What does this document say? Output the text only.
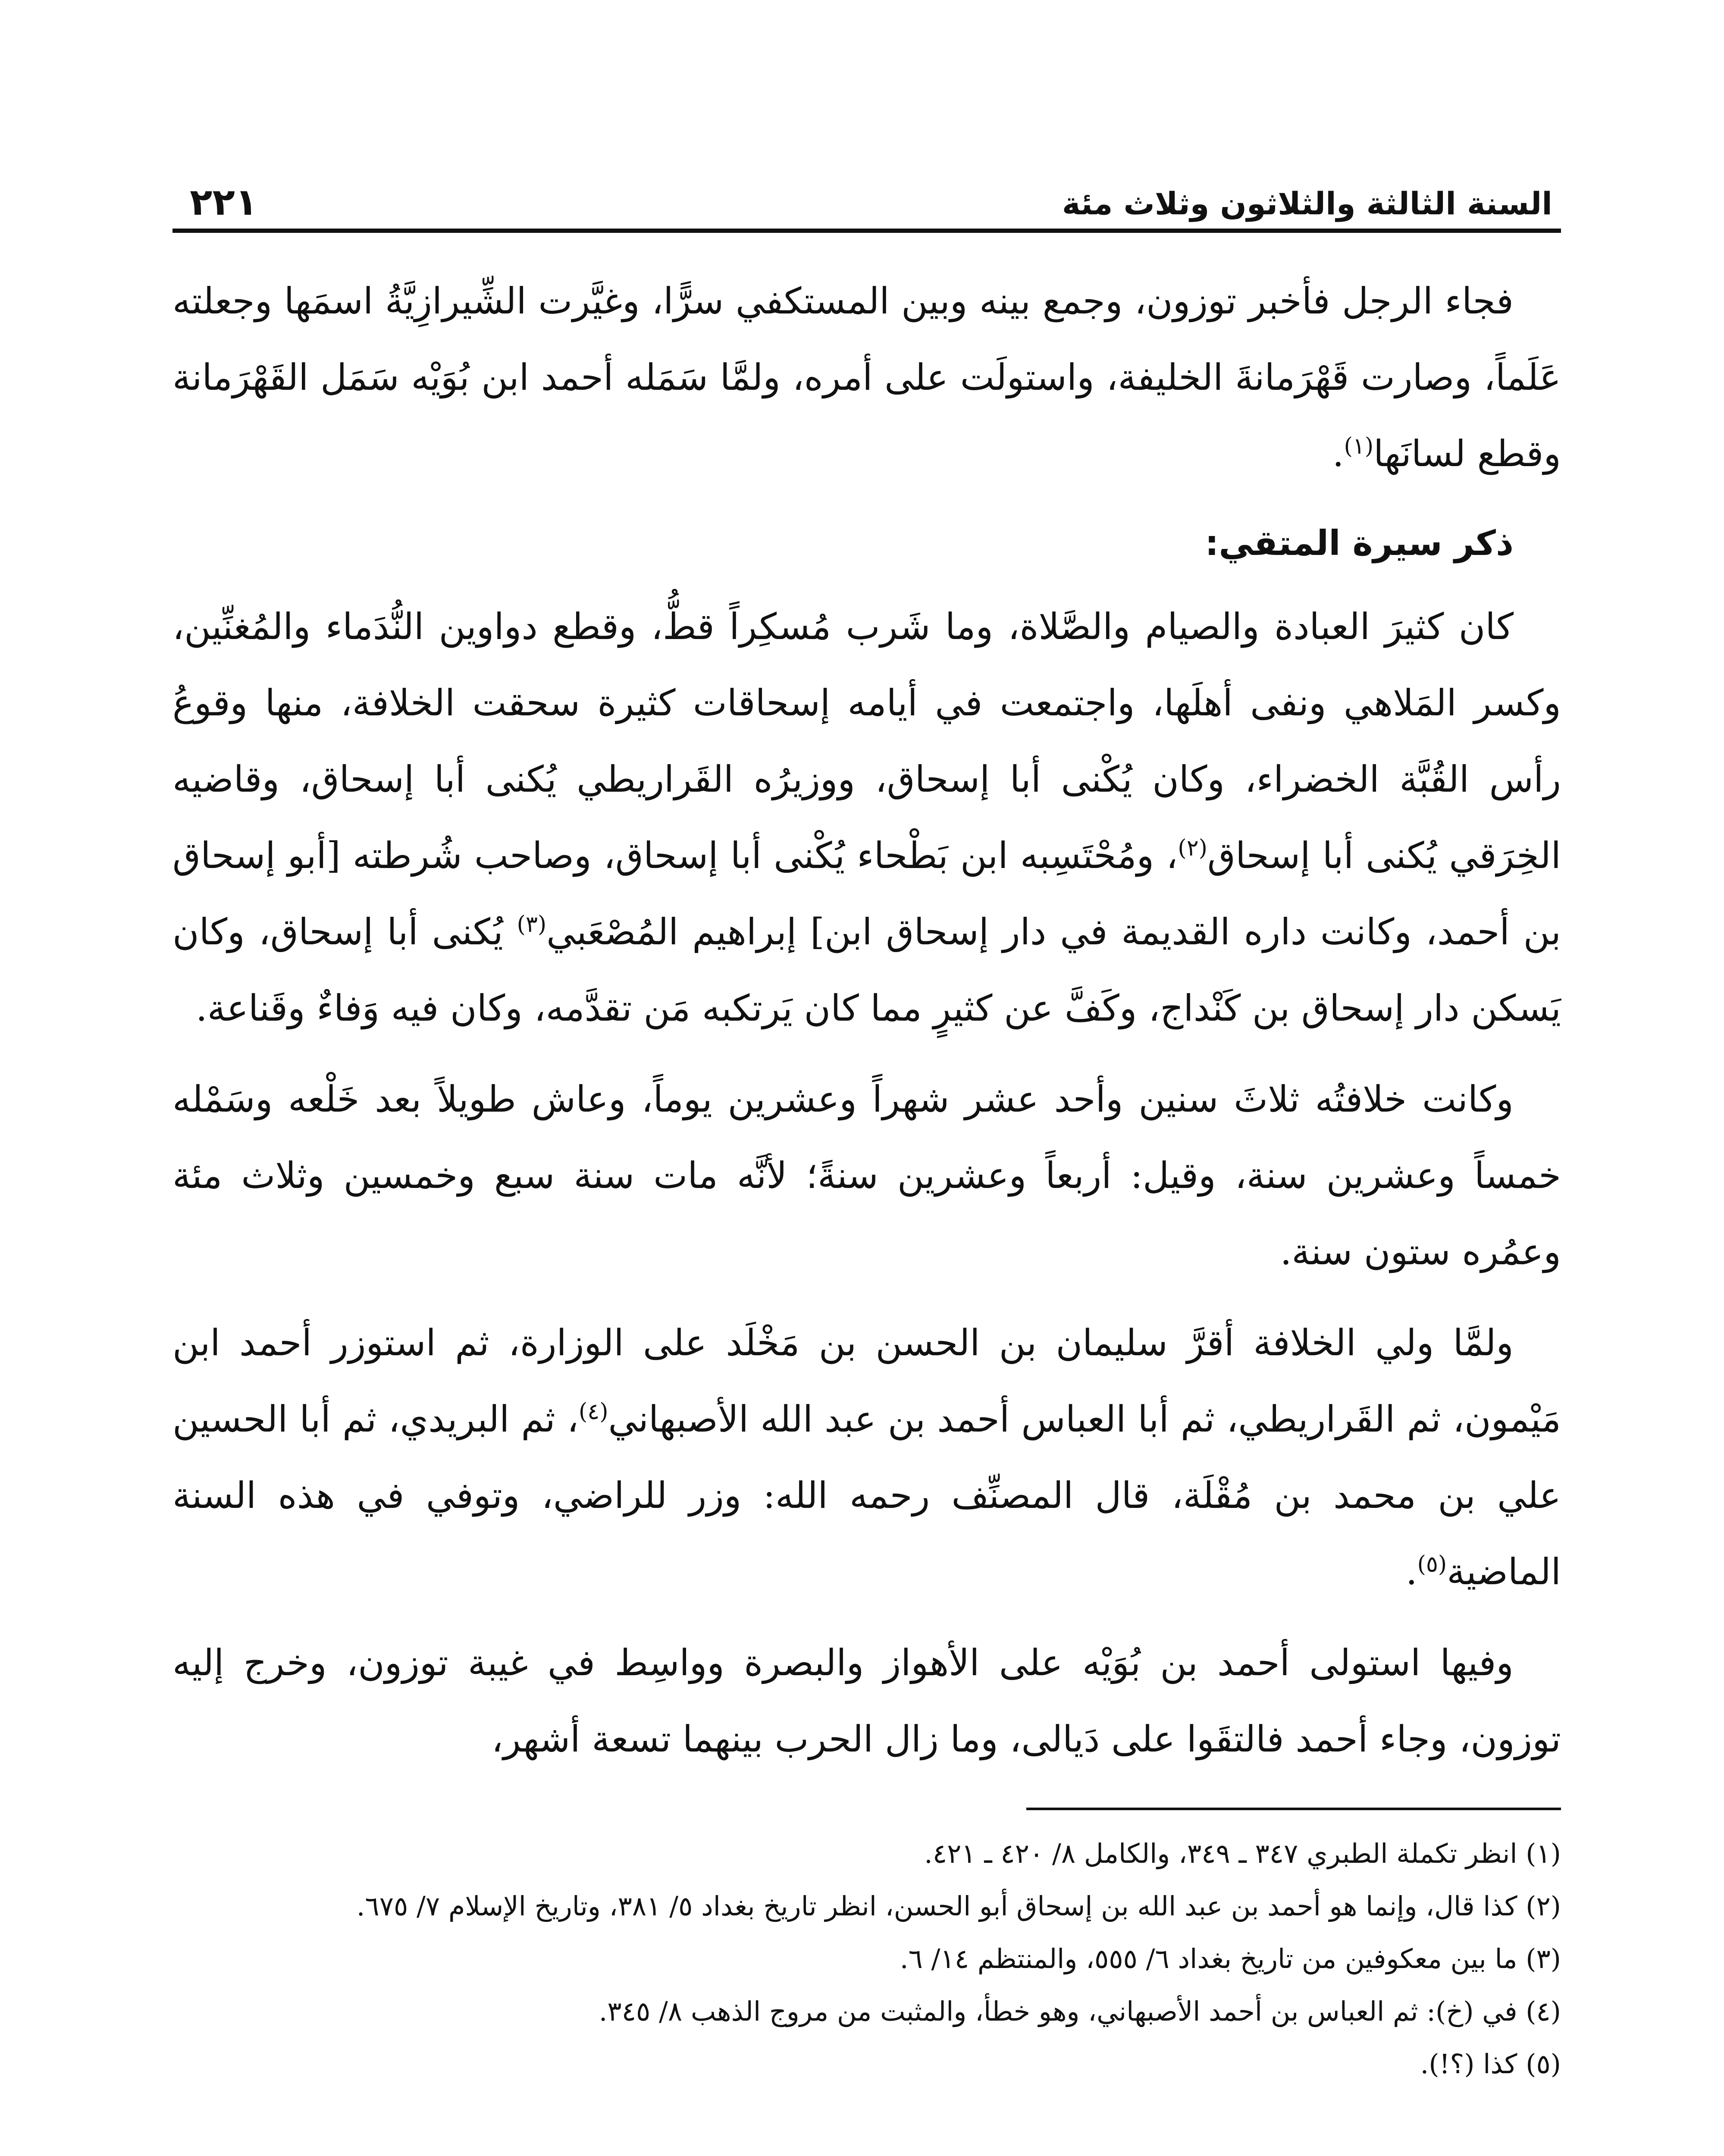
السنة الثالثة والثلاثون وثلاث مئة
٢٢١

فجاء الرجل فأخبر توزون، وجمع بينه وبين المستكفي سرًّا، وغيَّرت الشِّيرازِيَّةُ اسمَها وجعلته عَلَماً، وصارت قَهْرَمانةَ الخليفة، واستولَت على أمره، ولمَّا سَمَله أحمد ابن بُوَيْه سَمَل القَهْرَمانة وقطع لسانَها$^{(١)}$.

ذكر سيرة المتقي:

كان كثيرَ العبادة والصيام والصَّلاة، وما شَرب مُسكِراً قطُّ، وقطع دواوين النُّدَماء والمُغنِّين، وكسر المَلاهي ونفى أهلَها، واجتمعت في أيامه إسحاقات كثيرة سحقت الخلافة، منها وقوعُ رأس القُبَّة الخضراء، وكان يُكْنى أبا إسحاق، ووزيرُه القَراريطي يُكنى أبا إسحاق، وقاضيه الخِرَقي يُكنى أبا إسحاق$^{(٢)}$، ومُحْتَسِبه ابن بَطْحاء يُكْنى أبا إسحاق، وصاحب شُرطته [أبو إسحاق بن أحمد، وكانت داره القديمة في دار إسحاق ابن] إبراهيم المُصْعَبي$^{(٣)}$ يُكنى أبا إسحاق، وكان يَسكن دار إسحاق بن كَنْداج، وكَفَّ عن كثيرٍ مما كان يَرتكبه مَن تقدَّمه، وكان فيه وَفاءٌ وقَناعة.

وكانت خلافتُه ثلاثَ سنين وأحد عشر شهراً وعشرين يوماً، وعاش طويلاً بعد خَلْعه وسَمْله خمساً وعشرين سنة، وقيل: أربعاً وعشرين سنةً؛ لأنَّه مات سنة سبع وخمسين وثلاث مئة وعمُره ستون سنة.

ولمَّا ولي الخلافة أقرَّ سليمان بن الحسن بن مَخْلَد على الوزارة، ثم استوزر أحمد ابن مَيْمون، ثم القَراريطي، ثم أبا العباس أحمد بن عبد الله الأصبهاني$^{(٤)}$، ثم البريدي، ثم أبا الحسين علي بن محمد بن مُقْلَة، قال المصنِّف رحمه الله: وزر للراضي، وتوفي في هذه السنة الماضية$^{(٥)}$.

وفيها استولى أحمد بن بُوَيْه على الأهواز والبصرة وواسِط في غيبة توزون، وخرج إليه توزون، وجاء أحمد فالتقَوا على دَيالى، وما زال الحرب بينهما تسعة أشهر،

(١) انظر تكملة الطبري ٣٤٧ ـ ٣٤٩، والكامل ٨/ ٤٢٠ ـ ٤٢١.

(٢) كذا قال، وإنما هو أحمد بن عبد الله بن إسحاق أبو الحسن، انظر تاريخ بغداد ٥/ ٣٨١، وتاريخ الإسلام ٧/ ٦٧٥.

(٣) ما بين معكوفين من تاريخ بغداد ٦/ ٥٥٥، والمنتظم ١٤/ ٦.

(٤) في (خ): ثم العباس بن أحمد الأصبهاني، وهو خطأ، والمثبت من مروج الذهب ٨/ ٣٤٥.

(٥) كذا (؟!).
